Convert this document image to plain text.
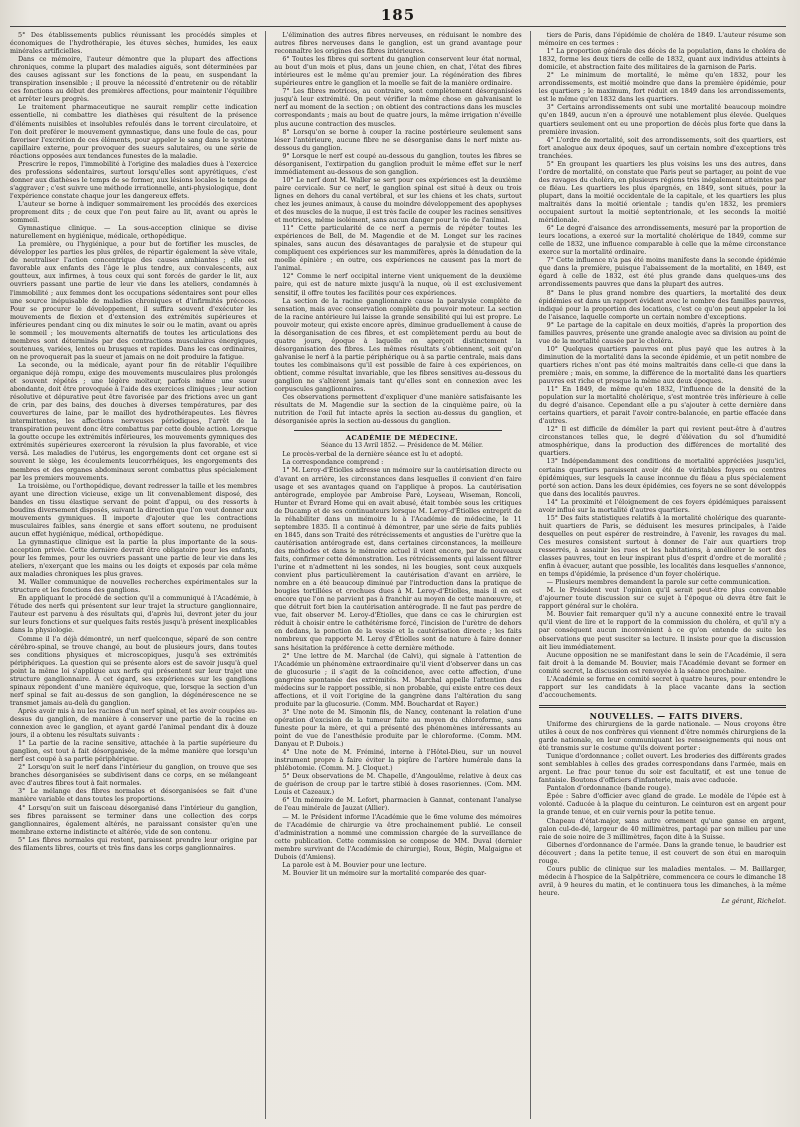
185

5° Des établissements publics réunissant les procédés simples et économiques de l'hydrothérapie, les étuves sèches, humides, les eaux minérales artificielles.

Dans ce mémoire, l'auteur démontre que la plupart des affections chroniques, comme la plupart des maladies aiguës, sont déterminées par des causes agissant sur les fonctions de la peau, en suspendant la transpiration insensible ; il prouve la nécessité d'entretenir ou de rétablir ces fonctions au début des premières affections, pour maintenir l'équilibre et arrêter leurs progrès.

Le traitement pharmaceutique ne saurait remplir cette indication essentielle, ni combattre les diathèses qui résultent de la présence d'éléments nuisibles et insolubles refoulés dans le torrent circulatoire, et l'on doit preférer le mouvement gymnastique, dans une foule de cas, pour favoriser l'excrétion de ces éléments, pour appeler le sang dans le système capillaire externe, pour provoquer des sueurs salutaires, ou une série de réactions opposées aux tendances funestes de la maladie.

Prescrire le repos, l'immobilité à l'origine des maladies dues à l'exercice des professions sédentaires, surtout lorsqu'elles sont apyrétiques, c'est donner aux diathèses le temps de se former, aux lésions locales le temps de s'aggraver ; c'est suivre une méthode irrationnelle, anti-physiologique, dont l'expérience constate chaque jour les dangereux effets.

L'auteur se borne à indiquer sommairement les procédés des exercices proprement dits ; de ceux que l'on peut faire au lit, avant ou après le sommeil.

Gymnastique clinique. — La sous-acception clinique se divise naturellement en hygiénique, médicale, orthopédique.

La première, ou l'hygiénique, a pour but de fortifier les muscles, de développer les parties les plus grêles, de répartir également la sève vitale, de neutraliser l'action concentrique des causes ambiantes ; elle est favorable aux enfants des l'âge le plus tendre, aux convalescents, aux goutteux, aux infirmes, à tous ceux qui sont forcés de garder le lit, aux ouvriers passant une partie de leur vie dans les ateliers, condamnés à l'immobilité ; aux femmes dont les occupations sédentaires sont pour elles une source inépuisable de maladies chroniques et d'infirmités précoces. Pour se procurer le développement, il suffira souvent d'exécuter les mouvements de flexion et d'extension des extrémités supérieures et inférieures pendant cinq ou dix minutes le soir ou le matin, avant ou après le sommeil ; les mouvements alternatifs de toutes les articulations des membres sont déterminés par des contractions musculaires énergiques, soutenues, variées, lentes ou brusques et rapides. Dans les cas ordinaires, on ne provoquerait pas la sueur et jamais on ne doit produire la fatigue.

La seconde, ou la médicale, ayant pour fin de rétablir l'équilibre organique déjà rompu, exige des mouvements musculaires plus prolongés et souvent répétés ; une légère moiteur, parfois même une sueur abondante, doit être provoquée à l'aide des exercices cliniques ; leur action résolutive et dépurative peut être favorisée par des frictions avec un gant de crin, par des bains, des douches à diverses températures, par des couvertures de laine, par le maillot des hydrothérapeutes. Les fièvres intermittentes, les affections nerveuses périodiques, l'arrêt de la transpiration peuvent donc être combattus par cette double action. Lorsque la goutte occupe les extrémités inférieures, les mouvements gymniques des extrémités supérieures exerceront la révulsion la plus favorable, et vice versâ. Les maladies de l'utérus, les engorgements dont cet organe est si souvent le siège, les écoulements leucorrhéiques, les engorgements des membres et des organes abdominaux seront combattus plus spécialement par les premiers mouvements.

La troisième, ou l'orthopédique, devant redresser la taille et les membres ayant une direction vicieuse, exige un lit convenablement disposé, des bandes en tissu élastique servant de point d'appui, ou des ressorts à boudins diversement disposés, suivant la direction que l'on veut donner aux mouvements gymniques. Il importe d'ajouter que les contractions musculaires faibles, sans énergie et sans effort soutenu, ne produisent aucun effet hygiénique, médical, orthopédique.

La gymnastique clinique est la partie la plus importante de la sous-acception privée. Cette dernière devrait être obligatoire pour les enfants, pour les femmes, pour les ouvriers passant une partie de leur vie dans les ateliers, n'exerçant que les mains ou les doigts et exposés par cela même aux maladies chroniques les plus graves.

M. Waller communique de nouvelles recherches expérimentales sur la structure et les fonctions des ganglions.

En appliquant le procédé de section qu'il a communiqué à l'Académie, à l'étude des nerfs qui présentent sur leur trajet la structure ganglionnaire, l'auteur est parvenu à des résultats qui, d'après lui, devront jeter du jour sur leurs fonctions et sur quelques faits restés jusqu'à présent inexplicables dans la physiologie.

Comme il l'a déjà démontré, un nerf quelconque, séparé de son centre cérébro-spinal, se trouve changé, au bout de plusieurs jours, dans toutes ses conditions physiques et microscopiques, jusqu'à ses extrémités périphériques. La question qui se présente alors est de savoir jusqu'à quel point la même loi s'applique aux nerfs qui présentent sur leur trajet une structure ganglionnaire. À cet égard, ses expériences sur les ganglions spinaux répondent d'une manière équivoque, que, lorsque la section d'un nerf spinal se fait au-dessus de son ganglion, la dégénérescence ne se transmet jamais au-delà du ganglion.

Après avoir mis à nu les racines d'un nerf spinal, et les avoir coupées au-dessus du ganglion, de manière à conserver une partie de la racine en connexion avec le ganglion, et ayant gardé l'animal pendant dix à douze jours, il a obtenu les résultats suivants :

1° La partie de la racine sensitive, attachée à la partie supérieure du ganglion, est tout à fait désorganisée, de la même manière que lorsqu'un nerf est coupé à sa partie périphérique.

2° Lorsqu'on suit le nerf dans l'intérieur du ganglion, on trouve que ses branches désorganisées se subdivisent dans ce corps, en se mélangeant avec d'autres fibres tout à fait normales.

3° Le mélange des fibres normales et désorganisées se fait d'une manière variable et dans toutes les proportions.

4° Lorsqu'on suit un faisceau désorganisé dans l'intérieur du ganglion, ses fibres paraissent se terminer dans une collection des corps ganglionnaires, également altérés, ne paraissant consister qu'en une membrane externe indistincte et altérée, vide de son contenu.

5° Les fibres normales qui restent, paraissent prendre leur origine par des filaments libres, courts et très fins dans les corps ganglionnaires.

L'élimination des autres fibres nerveuses, en réduisant le nombre des autres fibres nerveuses dans le ganglion, est un grand avantage pour reconnaître les origines des fibres intérieures.

6° Toutes les fibres qui sortent du ganglion conservent leur état normal, au bout d'un mois et plus, dans un jeune chien, en chat, l'état des fibres intérieures est le même qu'au premier jour. La régénération des fibres supérieures entre le ganglion et la moelle se fait de la manière ordinaire.

7° Les fibres motrices, au contraire, sont complètement désorganisées jusqu'à leur extrémité. On peut vérifier la même chose en galvanisant le nerf au moment de la section ; on obtient des contractions dans les muscles correspondants ; mais au bout de quatre jours, la même irrigation n'éveille plus aucune contraction des muscles.

8° Lorsqu'on se borne à couper la racine postérieure seulement sans léser l'antérieure, aucune fibre ne se désorganise dans le nerf mixte au-dessous du ganglion.

9° Lorsque le nerf est coupé au-dessous du ganglion, toutes les fibres se désorganisent, l'extirpation du ganglion produit le même effet sur le nerf immédiatement au-dessous de son ganglion.

10° Le nerf dont M. Waller se sert pour ces expériences est la deuxième paire cervicale. Sur ce nerf, le ganglion spinal est situé à deux ou trois lignes en dehors du canal vertébral, et sur les chiens et les chats, surtout chez les jeunes animaux, à cause du moindre développement des apophyses et des muscles de la nuque, il est très facile de couper les racines sensitives et motrices, même isolément, sans aucun danger pour la vie de l'animal.

11° Cette particularité de ce nerf a permis de répéter toutes les expériences de Bell, de M. Magendie et de M. Longet sur les racines spinales, sans aucun des désavantages de paralysie et de stupeur qui compliquent ces expériences sur les mammifères, après la dénudation de la moelle épinière ; en outre, ces expériences ne causent pas la mort de l'animal.

12° Comme le nerf occipital interne vient uniquement de la deuxième paire, qui est de nature mixte jusqu'à la nuque, où il est exclusivement sensitif, il offre toutes les facilités pour ces expériences.

La section de la racine ganglionnaire cause la paralysie complète de sensation, mais avec conservation complète du pouvoir moteur. La section de la racine antérieure lui laisse la grande sensibilité qui lui est propre. Le pouvoir moteur, qui existe encore après, diminue graduellement à cause de la désorganisation de ces fibres, et est complètement perdu au bout de quatre jours, époque à laquelle on aperçoit distinctement la désorganisation des fibres. Les mêmes résultats s'obtiennent, soit qu'on galvanise le nerf à la partie périphérique ou à sa partie centrale, mais dans toutes les combinaisons qu'il est possible de faire à ces expériences, on obtient, comme résultat invariable, que les fibres sensitives au-dessous du ganglion ne s'altèrent jamais tant qu'elles sont en connexion avec les corpuscules ganglionnaires.

Ces observations permettent d'expliquer d'une manière satisfaisante les résultats de M. Magendie sur la section de la cinquième paire, où la nutrition de l'œil fut intacte après la section au-dessus du ganglion, et désorganisée après la section au-dessous du ganglion.

ACADÉMIE DE MÉDECINE.

Séance du 13 Avril 1852. — Présidence de M. Mélier.

Le procès-verbal de la dernière séance est lu et adopté.

La correspondance comprend :

1° M. Leroy-d'Étiolles adresse un mémoire sur la cautérisation directe ou d'avant en arrière, les circonstances dans lesquelles il convient d'en faire usage et ses avantages quand on l'applique à propos. La cautérisation antérograde, employée par Ambroise Paré, Loyseau, Wiseman, Roncoli, Hunter et Évrard Home qui en avait abusé, était tombée sous les critiques de Ducamp et de ses continuateurs lorsque M. Leroy-d'Étiolles entreprit de la réhabiliter dans un mémoire lu à l'Académie de médecine, le 11 septembre 1835. Il a continué à démontrer, par une série de faits publiés en 1845, dans son Traité des rétrécissements et angusties de l'urètre que la cautérisation antérograde est, dans certaines circonstances, la meilleure des méthodes et dans le mémoire actuel il vient encore, par de nouveaux faits, confirmer cette démonstration. Les rétrécissements qui laissent filtrer l'urine et n'admettent ni les sondes, ni les bougies, sont ceux auxquels convient plus particulièrement la cautérisation d'avant en arrière, le nombre en a été beaucoup diminué par l'introduction dans la pratique de bougies tortillées et crochues dues à M. Leroy-d'Étiolles, mais il en est encore que l'on ne parvient pas à franchir au moyen de cette manœuvre, et que détruit fort bien la cautérisation antérograde. Il ne faut pas perdre de vue, fait observer M. Leroy-d'Étiolles, que dans ce cas le chirurgien est réduit à choisir entre le cathétérisme forcé, l'incision de l'urètre de dehors en dedans, la ponction de la vessie et la cautérisation directe ; les faits nombreux que rapporte M. Leroy d'Étiolles sont de nature à faire donner sans hésitation la préférence à cette dernière méthode.

2° Une lettre de M. Marchal (de Calvi), qui signale à l'attention de l'Académie un phénomène extraordinaire qu'il vient d'observer dans un cas de glucosurie ; il s'agit de la coïncidence, avec cette affection, d'une gangrène spontanée des extrémités. M. Marchal appelle l'attention des médecins sur le rapport possible, si non probable, qui existe entre ces deux affections, et il voit l'origine de la gangrène dans l'altération du sang produite par la glucosurie. (Comm. MM. Bouchardat et Rayer.)

3° Une note de M. Simonin fils, de Nancy, contenant la relation d'une opération d'excision de la tumeur faite au moyen du chloroforme, sans funeste pour la mère, et qui a présenté des phénomènes intéressants au point de vue de l'anesthésie produite par le chloroforme. (Comm. MM. Danyau et P. Dubois.)

4° Une note de M. Fréminé, interne à l'Hôtel-Dieu, sur un nouvel instrument propre à faire éviter la piqûre de l'artère humérale dans la phlébotomie. (Comm. M. J. Cloquet.)

5° Deux observations de M. Chapelle, d'Angoulême, relative à deux cas de guérison de croup par le tartre stibié à doses rasoriennes. (Com. MM. Louis et Cazeaux.)

6° Un mémoire de M. Lefort, pharmacien à Gannat, contenant l'analyse de l'eau minérale de Jauzat (Allier).

— M. le Président informe l'Académie que le 6me volume des mémoires de l'Académie de chirurgie va être prochainement publié. Le conseil d'administration a nommé une commission chargée de la surveillance de cette publication. Cette commission se compose de MM. Duval (dernier membre survivant de l'Académie de chirurgie), Roux, Bégin, Malgaigne et Dubois (d'Amiens).

La parole est à M. Bouvier pour une lecture.

M. Bouvier lit un mémoire sur la mortalité comparée des quar-

tiers de Paris, dans l'épidémie de choléra de 1849. L'auteur résume son mémoire en ces termes :

1° La proportion générale des décès de la population, dans le choléra de 1832, forme les deux tiers de celle de 1832, quant aux individus atteints à domicile, et abstraction faite des militaires de la garnison de Paris.

2° Le minimum de mortalité, le même qu'en 1832, pour les arrondissements, est moitié moindre que dans la première épidémie, pour les quartiers ; le maximum, fort réduit en 1849 dans les arrondissements, est le même qu'en 1832 dans les quartiers.

3° Certains arrondissements ont subi une mortalité beaucoup moindre qu'en 1849, aucun n'en a éprouvé une notablement plus élevée. Quelques quartiers seulement ont eu une proportion de décès plus forte que dans la première invasion.

4° L'ordre de mortalité, soit des arrondissements, soit des quartiers, est fort analogue aux deux époques, sauf un certain nombre d'exceptions très tranchées.

5° En groupant les quartiers les plus voisins les uns des autres, dans l'ordre de mortalité, on constate que Paris peut se partager, au point de vue des ravages du choléra, en plusieurs régions très inégalement atteintes par ce fléau. Les quartiers les plus épargnés, en 1849, sont situés, pour la plupart, dans la moitié occidentale de la capitale, et les quartiers les plus maltraités dans la moitié orientale ; tandis qu'en 1832, les premiers occupaient surtout la moitié septentrionale, et les seconds la moitié méridionale.

6° Le degré d'aisance des arrondissements, mesuré par la proportion de leurs locations, a exercé sur la mortalité cholérique de 1849, comme sur celle de 1832, une influence comparable à celle que la même circonstance exerce sur la mortalité ordinaire.

7° Cette influence n'a pas été moins manifeste dans la seconde épidémie que dans la première, puisque l'abaissement de la mortalité, en 1849, est égard à celle de 1832, est été plus grande dans quelques-uns des arrondissements pauvres que dans la plupart des autres.

8° Dans le plus grand nombre des quartiers, la mortalité des deux épidémies est dans un rapport évident avec le nombre des familles pauvres, indiqué pour la proportion des locations, c'est ce qu'on peut appeler la loi de l'aisance, laquelle comporte un certain nombre d'exceptions.

9° Le partage de la capitale en deux moitiés, d'après la proportion des familles pauvres, présente une grande analogie avec sa division au point de vue de la mortalité causée par le choléra.

10° Quelques quartiers pauvres ont plus payé que les autres à la diminution de la mortalité dans la seconde épidémie, et un petit nombre de quartiers riches n'ont pas été moins maltraités dans celle-ci que dans la première ; mais, en somme, la différence de la mortalité dans les quartiers pauvres est riche et presque la même aux deux époques.

11° En 1849, de même qu'en 1832, l'influence de la densité de la population sur la mortalité cholérique, s'est montrée très inférieure à celle du degré d'aisance. Cependant elle a pu s'ajouter à cette dernière dans certains quartiers, et parait l'avoir contre-balancée, en partie effacée dans d'autres.

12° Il est difficile de démêler la part qui revient peut-être à d'autres circonstances telles que, le degré d'élévation du sol d'humidité atmosphérique, dans la production des différences de mortalité des quartiers.

13° Indépendamment des conditions de mortalité appréciées jusqu'ici, certains quartiers paraissent avoir été de véritables foyers ou centres épidémiques, sur lesquels la cause inconnue du fléau a plus spécialement porté son action. Dans les deux épidémies, ces foyers ne se sont développés que dans des localités pauvres.

14° La proximité et l'éloignement de ces foyers épidémiques paraissent avoir influé sur la mortalité d'autres quartiers.

15° Des faits statistiques relatifs à la mortalité cholérique des quarante-huit quartiers de Paris, se déduisent les mesures principales, à l'aide desquelles on peut espérer de restreindre, à l'avenir, les ravages du mal. Ces mesures consistent surtout à donner de l'air aux quartiers trop resserrés, à assainir les rues et les habitations, à améliorer le sort des classes pauvres, tout en leur inspirant plus d'esprit d'ordre et de moralité ; enfin à évacuer, autant que possible, les localités dans lesquelles s'annonce, en temps d'épidémie, la présence d'un foyer cholérique.

— Plusieurs membres demandent la parole sur cette communication.

M. le Président veut l'opinion qu'il serait peut-être plus convenable d'ajourner toute discussion sur ce sujet à l'époque où devra être fait le rapport général sur le choléra.

M. Bouvier fait remarquer qu'il n'y a aucune connexité entre le travail qu'il vient de lire et le rapport de la commission du choléra, et qu'il n'y a par conséquent aucun inconvénient à ce qu'on entende de suite les observations que peut susciter sa lecture. Il insiste pour que la discussion ait lieu immédiatement.

Aucune opposition ne se manifestant dans le sein de l'Académie, il sera fait droit à la demande M. Bouvier, mais l'Académie devant se former en comité secret, la discussion est renvoyée à la séance prochaine.

L'Académie se forme en comité secret à quatre heures, pour entendre le rapport sur les candidats à la place vacante dans la section d'accouchements.

NOUVELLES. — FAITS DIVERS.

Uniforme des chirurgiens de la garde nationale. — Nous croyons être utiles à ceux de nos confrères qui viennent d'être nommés chirurgiens de la garde nationale, en leur communiquant les renseignements qui nous ont été transmis sur le costume qu'ils doivent porter :

Tunique d'ordonnance ; collet ouvert. Les broderies des différents grades sont semblables à celles des grades correspondans dans l'armée, mais en argent. Le frac pour tenue du soir est facultatif, et est une tenue de fantaisie. Boutons d'officiers d'infanterie, mais avec caducée.

Pantalon d'ordonnance (bande rouge).

Épée : Sabre d'officier avec gland de grade. Le modèle de l'épée est à volonté. Caducée à la plaque du ceinturon. Le ceinturon est en argent pour la grande tenue, et en cuir vernis pour la petite tenue.

Chapeau d'état-major, sans autre ornement qu'une ganse en argent, galon cul-de-dé, largeur de 40 millimètres, partagé par son milieu par une raie de soie noire de 3 millimètres, façon dite à la Suisse.

Gibernes d'ordonnance de l'armée. Dans la grande tenue, le baudrier est découvert ; dans la petite tenue, il est couvert de son étui en maroquin rouge.

Cours public de clinique sur les maladies mentales. — M. Baillarger, médecin à l'hospice de la Salpêtrière, commencera ce cours le dimanche 18 avril, à 9 heures du matin, et le continuera tous les dimanches, à la même heure.

Le gérant, Richelot.
